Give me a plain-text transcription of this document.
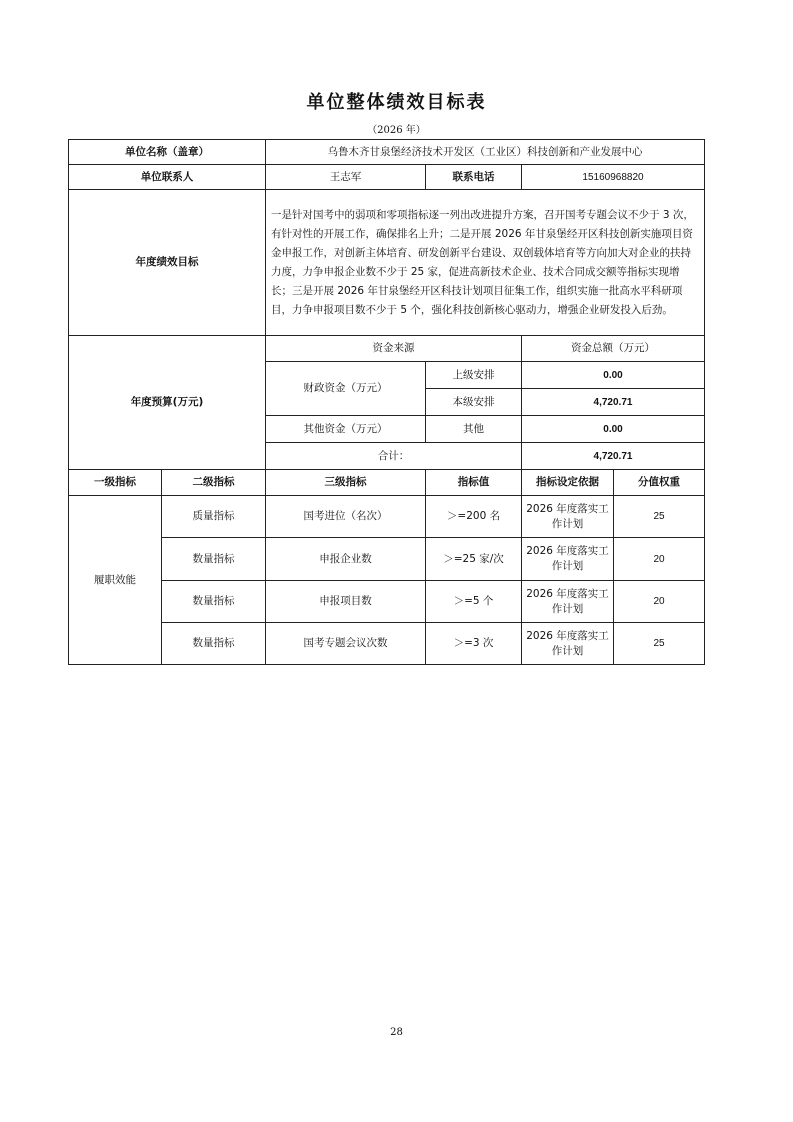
单位整体绩效目标表
（2026 年）
单位名称（盖章）		乌鲁木齐甘泉堡经济技术开发区（工业区）科技创新和产业发展中心			
单位联系人		王志军	联系电话	15160968820	
年度绩效目标		一是针对国考中的弱项和零项指标逐一列出改进提升方案，召开国考专题会议不少于 3 次，有针对性的开展工作，确保排名上升；二是开展 2026 年甘泉堡经开区科技创新实施项目资金申报工作，对创新主体培育、研发创新平台建设、双创载体培育等方向加大对企业的扶持力度，力争申报企业数不少于 25 家，促进高新技术企业、技术合同成交额等指标实现增长；三是开展 2026 年甘泉堡经开区科技计划项目征集工作，组织实施一批高水平科研项目，力争申报项目数不少于 5 个，强化科技创新核心驱动力，增强企业研发投入后劲。			
年度预算(万元)		资金来源		资金总额（万元）	
		财政资金（万元）	上级安排	0.00	
			本级安排	4,720.71	
		其他资金（万元）	其他	0.00	
		合计：		4,720.71	
一级指标	二级指标	三级指标	指标值	指标设定依据	分值权重
履职效能	质量指标	国考进位（名次）	＞=200 名	2026 年度落实工作计划	25
	数量指标	申报企业数	＞=25 家/次	2026 年度落实工作计划	20
	数量指标	申报项目数	＞=5 个	2026 年度落实工作计划	20
	数量指标	国考专题会议次数	＞=3 次	2026 年度落实工作计划	25
28
